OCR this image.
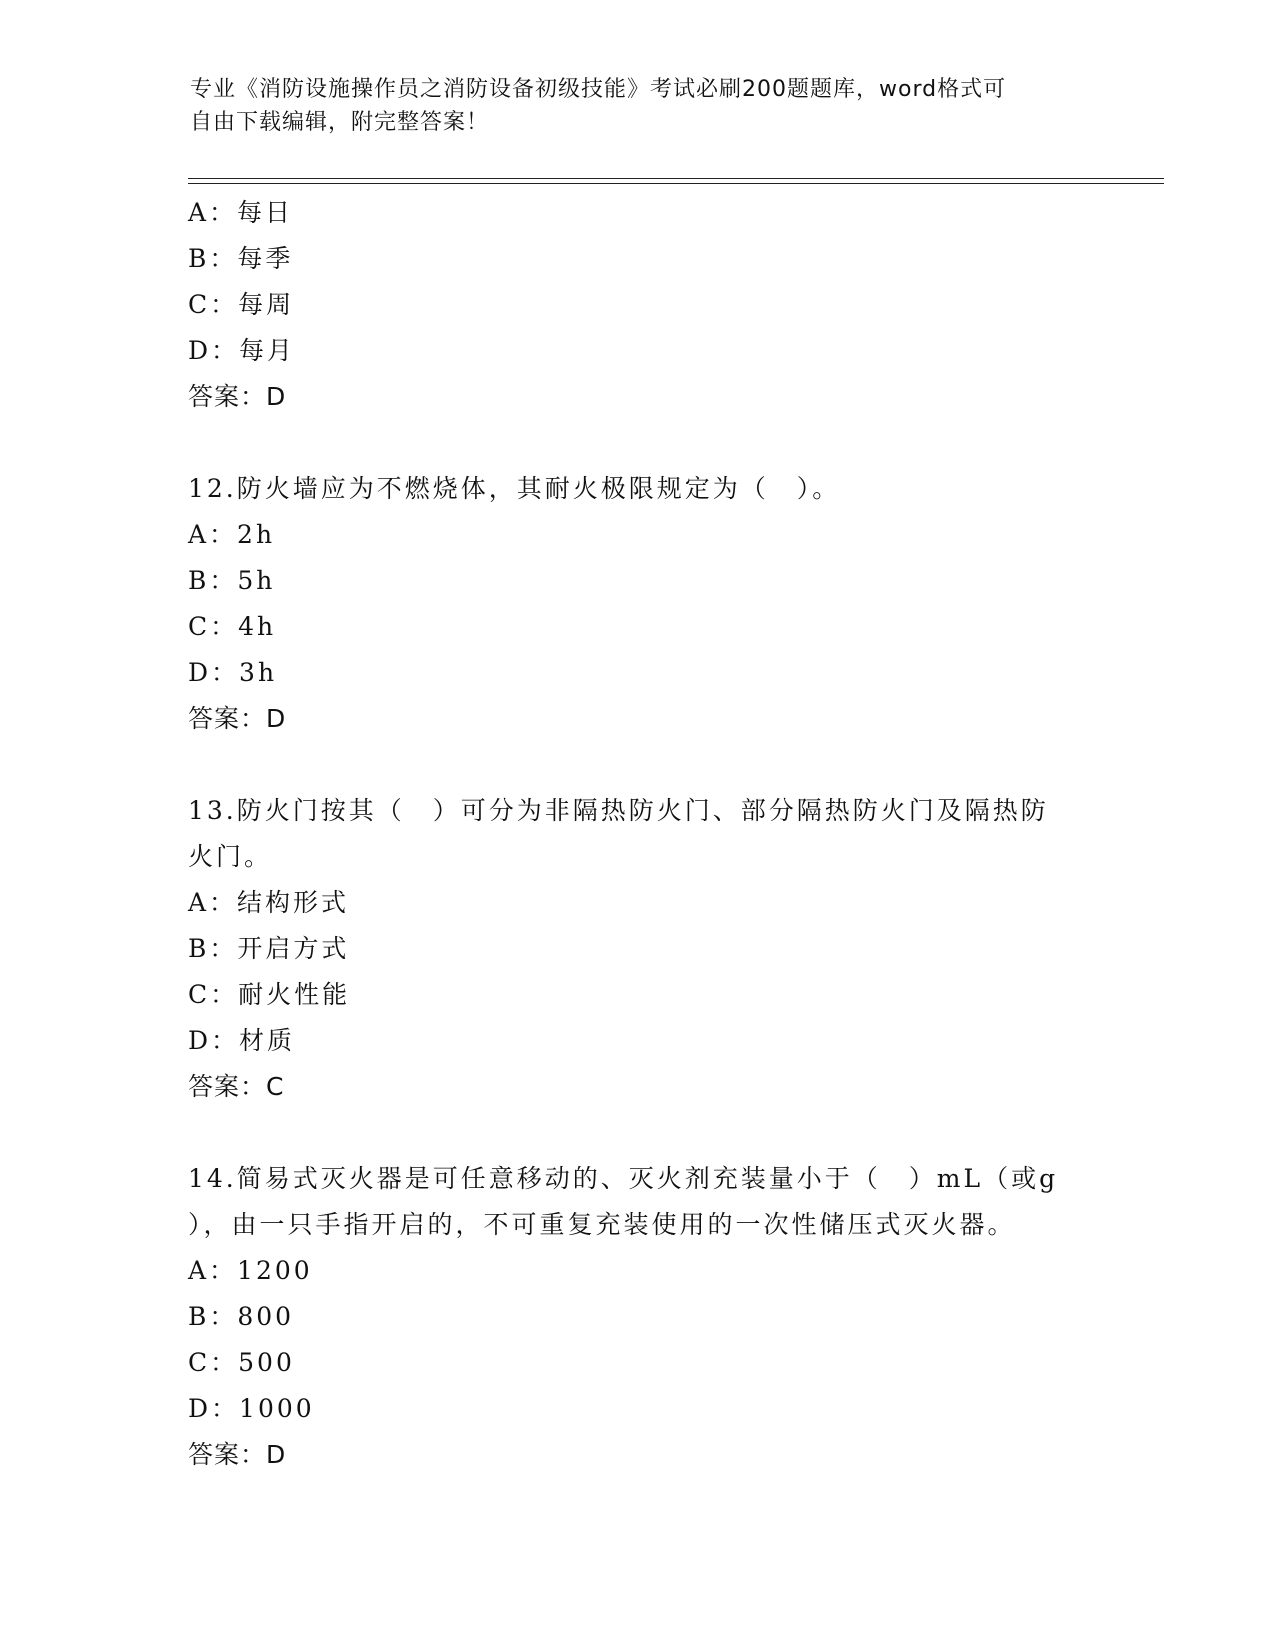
专业《消防设施操作员之消防设备初级技能》考试必刷200题题库，word格式可
自由下载编辑，附完整答案！
A：每日
B：每季
C：每周
D：每月
答案：D
12.防火墙应为不燃烧体，其耐火极限规定为（　）。
A：2h
B：5h
C：4h
D：3h
答案：D
13.防火门按其（　）可分为非隔热防火门、部分隔热防火门及隔热防
火门。
A：结构形式
B：开启方式
C：耐火性能
D：材质
答案：C
14.简易式灭火器是可任意移动的、灭火剂充装量小于（　）mL（或g
），由一只手指开启的，不可重复充装使用的一次性储压式灭火器。
A：1200
B：800
C：500
D：1000
答案：D
